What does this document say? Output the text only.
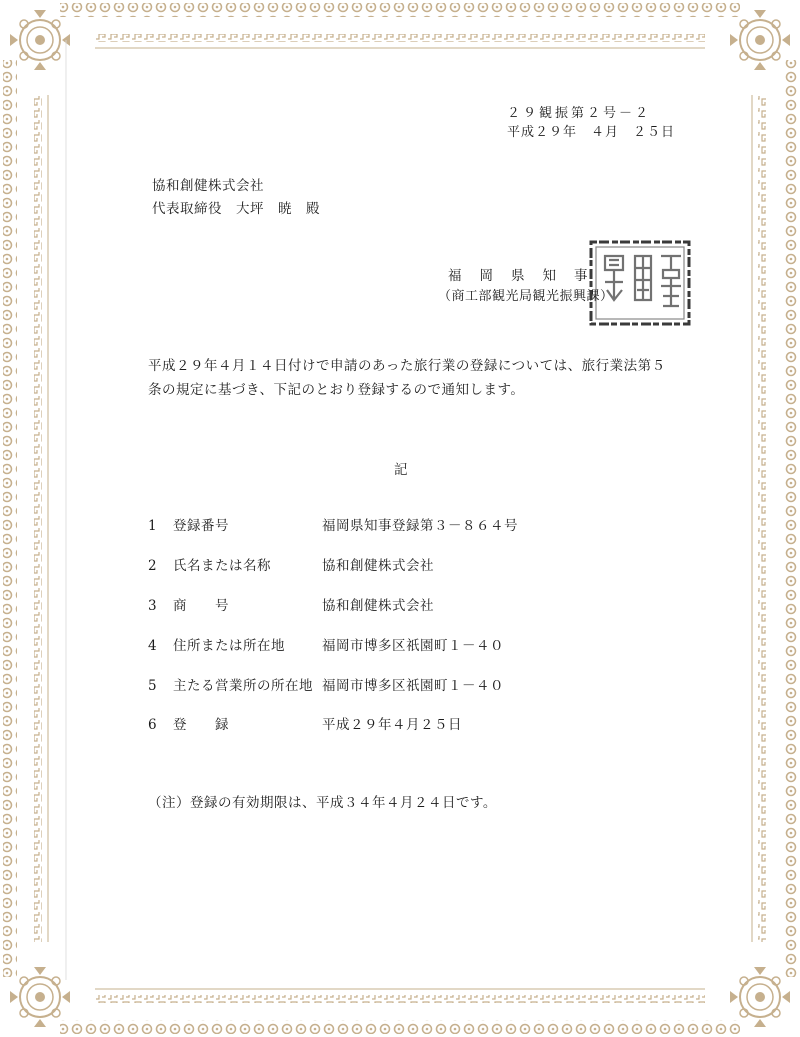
２９観振第２号－２
平成２９年　４月　２５日
協和創健株式会社
代表取締役　大坪　暁　殿
福岡県知事
（商工部観光局観光振興課）
平成２９年４月１４日付けで申請のあった旅行業の登録については、旅行業法第５
条の規定に基づき、下記のとおり登録するので通知します。
記
1 登録番号	福岡県知事登録第３－８６４号
2 氏名または名称	協和創健株式会社
3 商　　号	協和創健株式会社
4 住所または所在地	福岡市博多区祇園町１－４０
5 主たる営業所の所在地 福岡市博多区祇園町１－４０
6 登　　録	平成２９年４月２５日
（注）登録の有効期限は、平成３４年４月２４日です。
